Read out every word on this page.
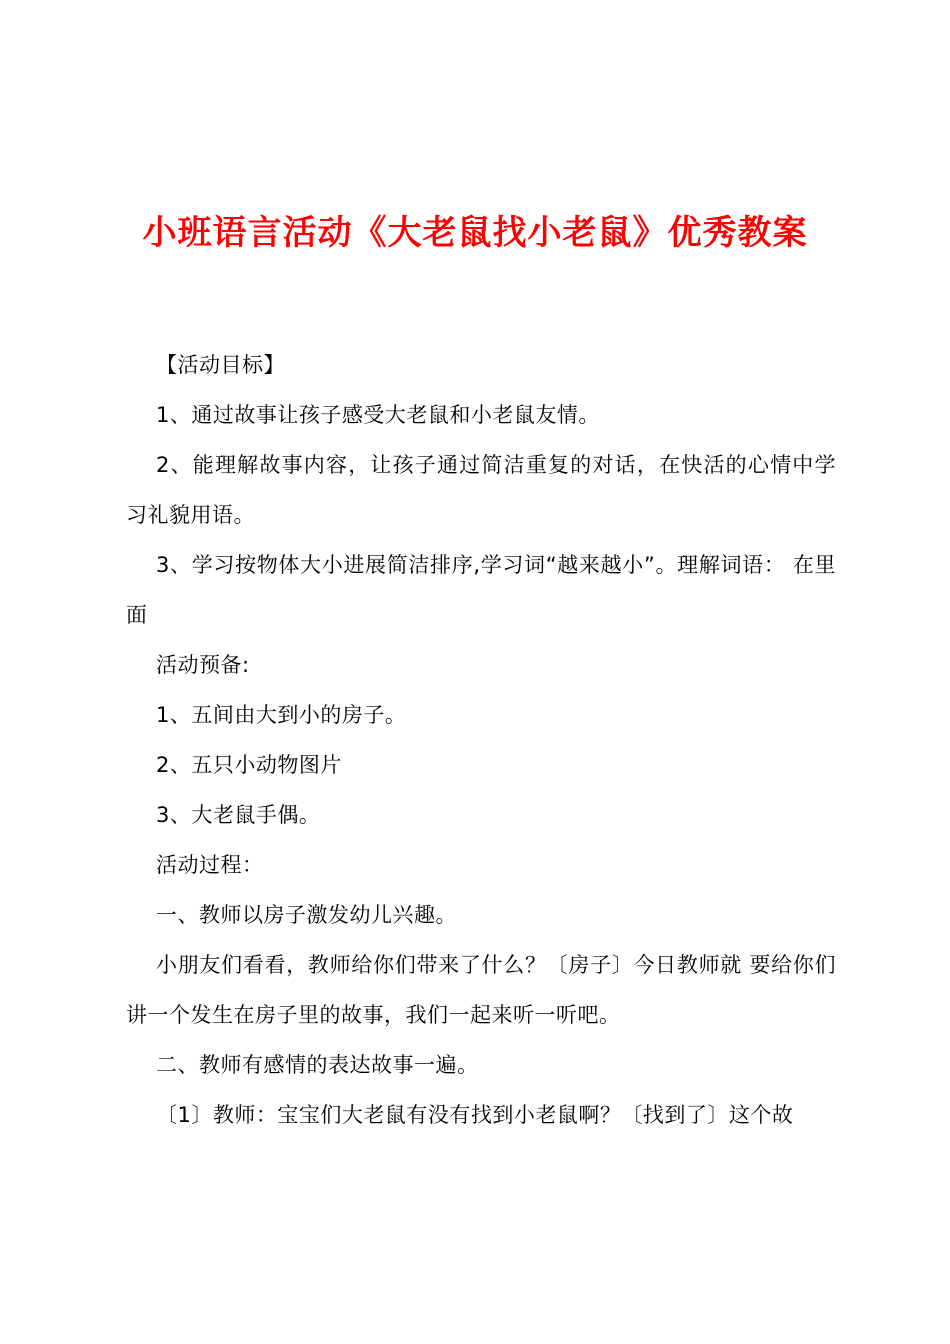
小班语言活动《大老鼠找小老鼠》优秀教案

【活动目标】

1、通过故事让孩子感受大老鼠和小老鼠友情。

2、能理解故事内容，让孩子通过简洁重复的对话，在快活的心情中学习礼貌用语。

3、学习按物体大小进展简洁排序,学习词“越来越小”。理解词语： 在里面

活动预备:

1、五间由大到小的房子。

2、五只小动物图片

3、大老鼠手偶。

活动过程：

一、教师以房子激发幼儿兴趣。

小朋友们看看，教师给你们带来了什么？〔房子〕今日教师就 要给你们讲一个发生在房子里的故事，我们一起来听一听吧。

二、教师有感情的表达故事一遍。

〔1〕教师：宝宝们大老鼠有没有找到小老鼠啊？〔找到了〕这个故
